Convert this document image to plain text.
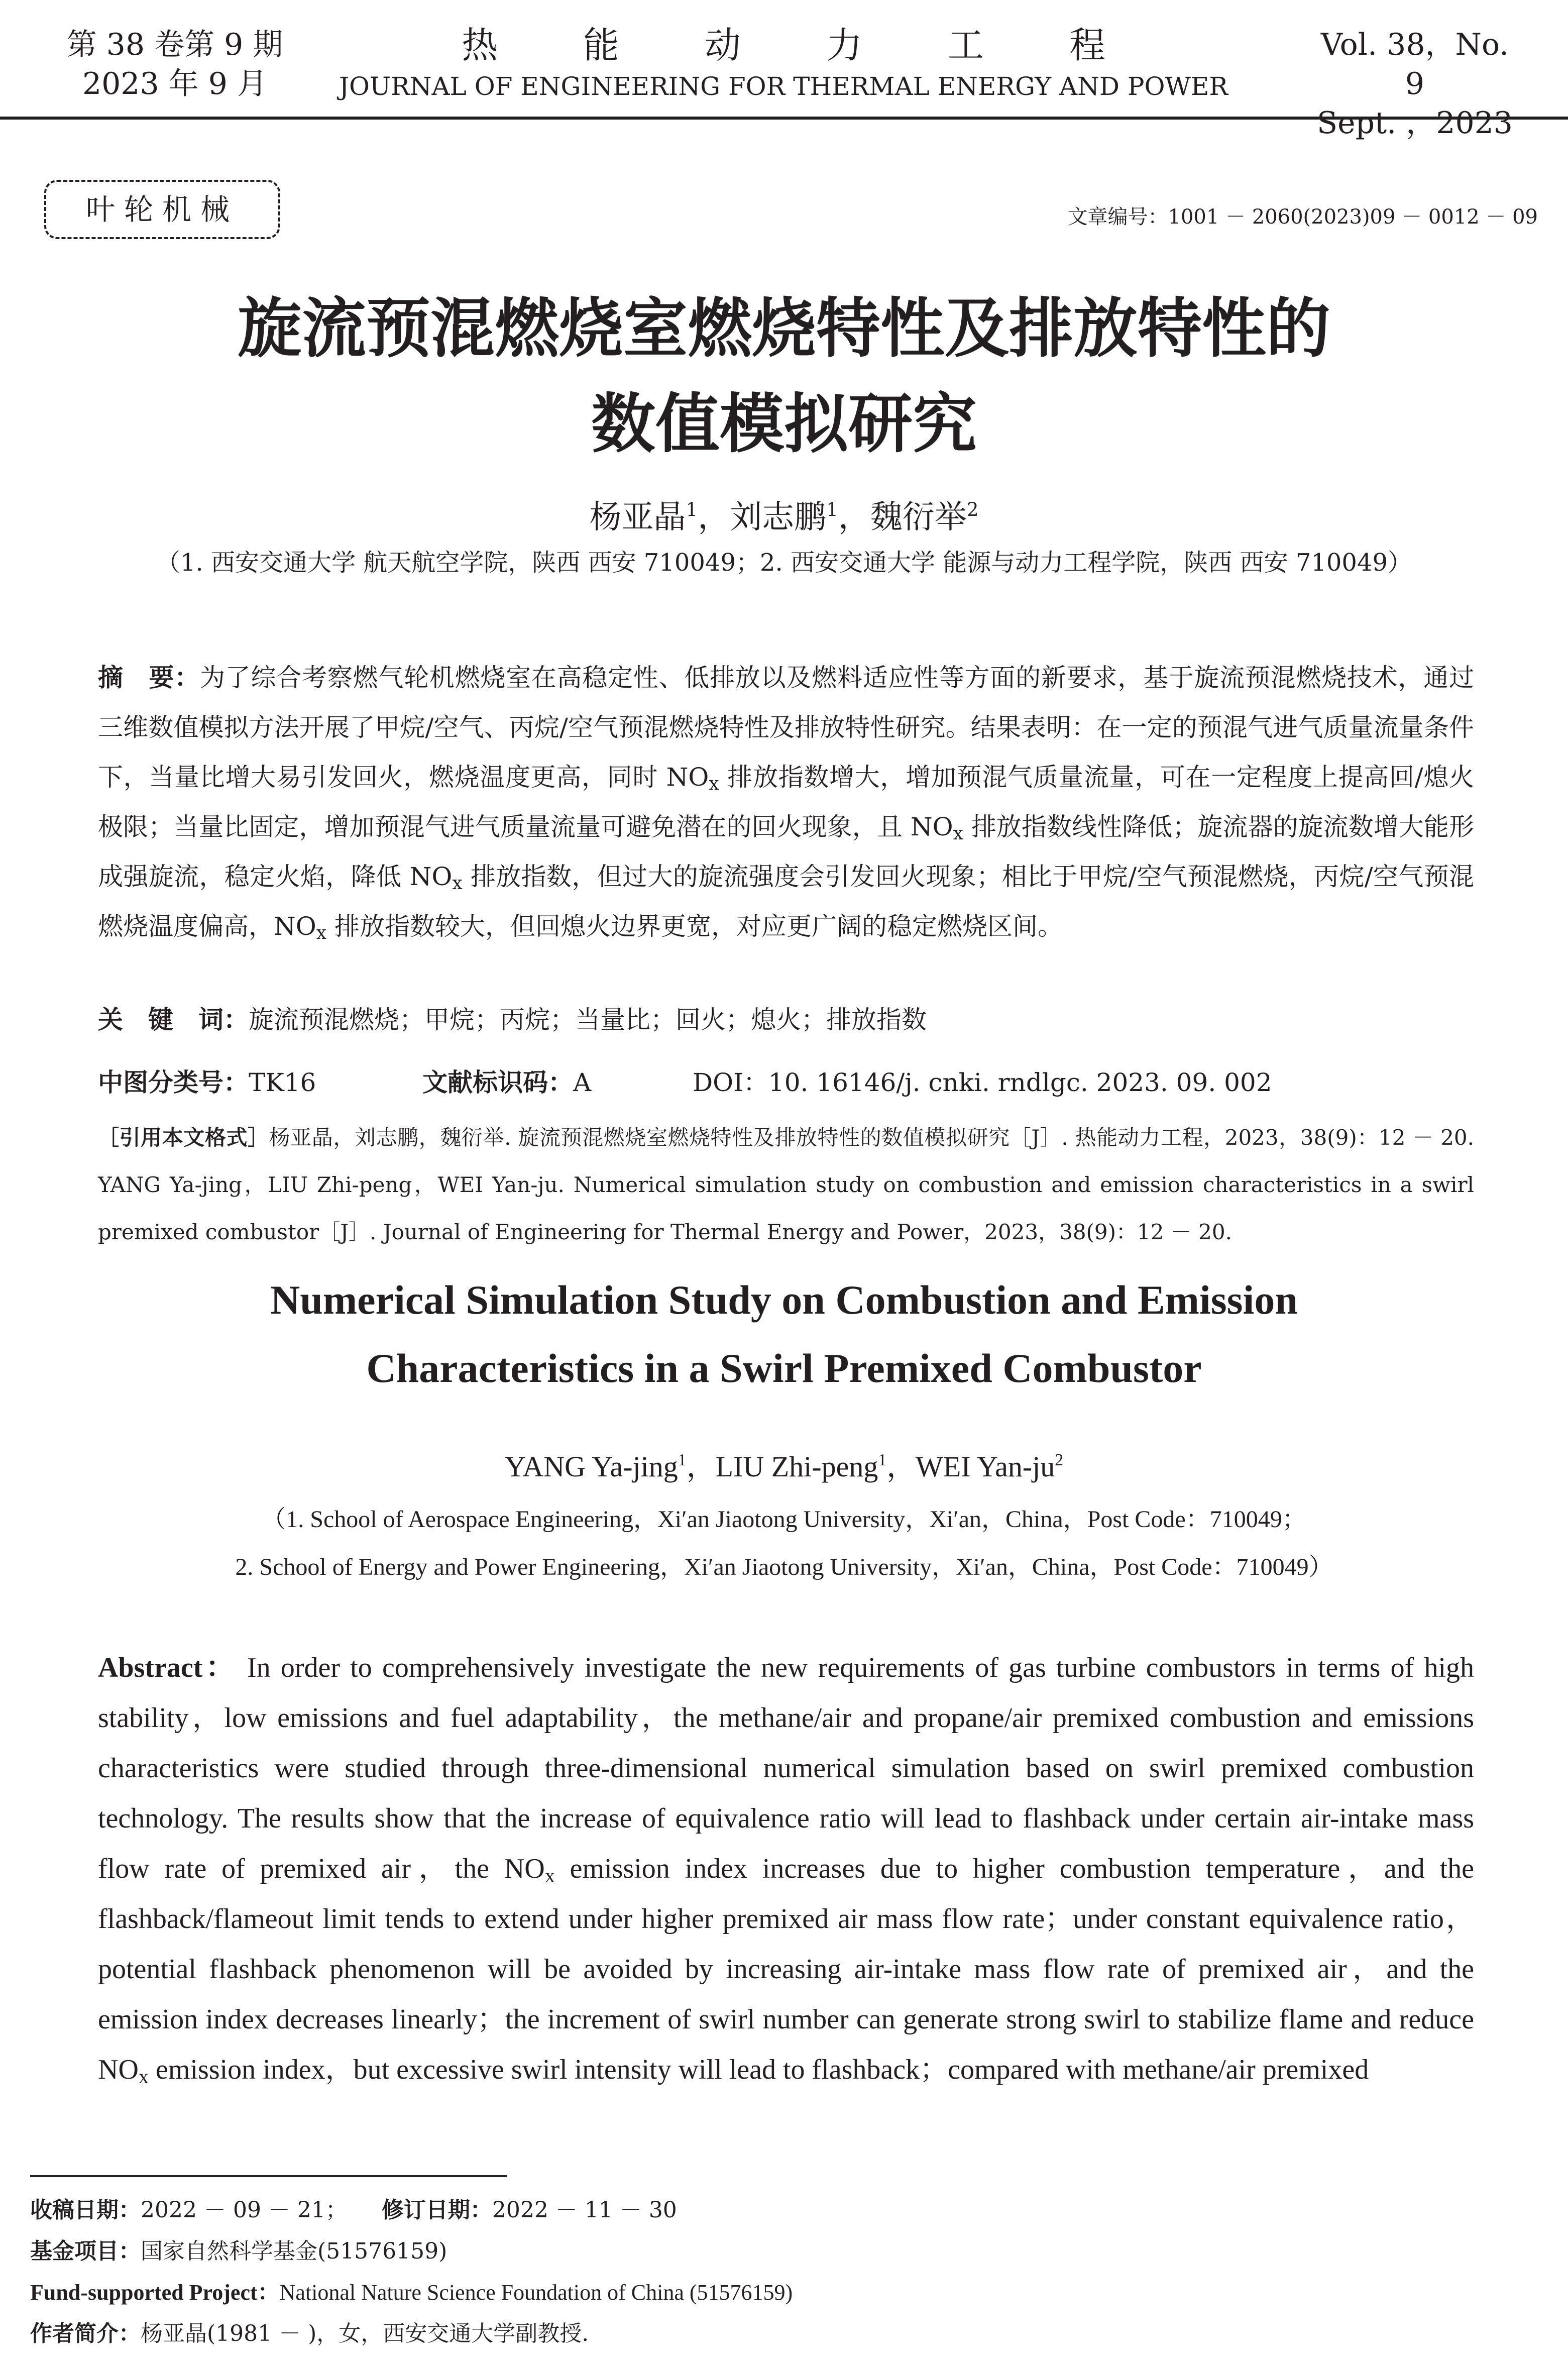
第 38 卷第 9 期
2023 年 9 月
热能动力工程
JOURNAL OF ENGINEERING FOR THERMAL ENERGY AND POWER
Vol. 38，No. 9
Sept. ，2023
叶轮机械	文章编号：1001 － 2060(2023)09 － 0012 － 09
旋流预混燃烧室燃烧特性及排放特性的
数值模拟研究
杨亚晶$^1$，刘志鹏$^1$，魏衍举$^2$
（1. 西安交通大学 航天航空学院，陕西 西安 710049；2. 西安交通大学 能源与动力工程学院，陕西 西安 710049）
摘　要：为了综合考察燃气轮机燃烧室在高稳定性、低排放以及燃料适应性等方面的新要求，基于旋流预混燃烧技术，通过三维数值模拟方法开展了甲烷/空气、丙烷/空气预混燃烧特性及排放特性研究。结果表明：在一定的预混气进气质量流量条件下，当量比增大易引发回火，燃烧温度更高，同时 $NO_x$ 排放指数增大，增加预混气质量流量，可在一定程度上提高回/熄火极限；当量比固定，增加预混气进气质量流量可避免潜在的回火现象，且 $NO_x$ 排放指数线性降低；旋流器的旋流数增大能形成强旋流，稳定火焰，降低 $NO_x$ 排放指数，但过大的旋流强度会引发回火现象；相比于甲烷/空气预混燃烧，丙烷/空气预混燃烧温度偏高，$NO_x$ 排放指数较大，但回熄火边界更宽，对应更广阔的稳定燃烧区间。
关　键　词：旋流预混燃烧；甲烷；丙烷；当量比；回火；熄火；排放指数
中图分类号：TK16	文献标识码：A	DOI：10. 16146/j. cnki. rndlgc. 2023. 09. 002
［引用本文格式］杨亚晶，刘志鹏，魏衍举. 旋流预混燃烧室燃烧特性及排放特性的数值模拟研究［J］. 热能动力工程，2023，38(9)：12 － 20. YANG Ya-jing，LIU Zhi-peng，WEI Yan-ju. Numerical simulation study on combustion and emission characteristics in a swirl premixed combustor［J］. Journal of Engineering for Thermal Energy and Power，2023，38(9)：12 － 20.
Numerical Simulation Study on Combustion and Emission
Characteristics in a Swirl Premixed Combustor
YANG Ya-jing$^1$，LIU Zhi-peng$^1$，WEI Yan-$ju^2$
（1. School of Aerospace Engineering，Xi′an Jiaotong University，Xi′an，China，Post Code：710049；
2. School of Energy and Power Engineering，Xi′an Jiaotong University，Xi′an，China，Post Code：710049）
Abstract： In order to comprehensively investigate the new requirements of gas turbine combustors in terms of high stability，low emissions and fuel adaptability，the methane/air and propane/air premixed combustion and emissions characteristics were studied through three-dimensional numerical simulation based on swirl premixed combustion technology. The results show that the increase of equivalence ratio will lead to flashback under certain air-intake mass flow rate of premixed air，the $NO_x$ emission index increases due to higher combustion temperature，and the flashback/flameout limit tends to extend under higher premixed air mass flow rate；under constant equivalence ratio，potential flashback phenomenon will be avoided by increasing air-intake mass flow rate of premixed air，and the emission index decreases linearly；the increment of swirl number can generate strong swirl to stabilize flame and reduce $NO_x$ emission index，but excessive swirl intensity will lead to flashback；compared with methane/air premixed
收稿日期：2022 － 09 － 21； 修订日期：2022 － 11 － 30
基金项目：国家自然科学基金(51576159)
Fund-supported Project：National Nature Science Foundation of China (51576159)
作者简介：杨亚晶(1981 － )，女，西安交通大学副教授.
